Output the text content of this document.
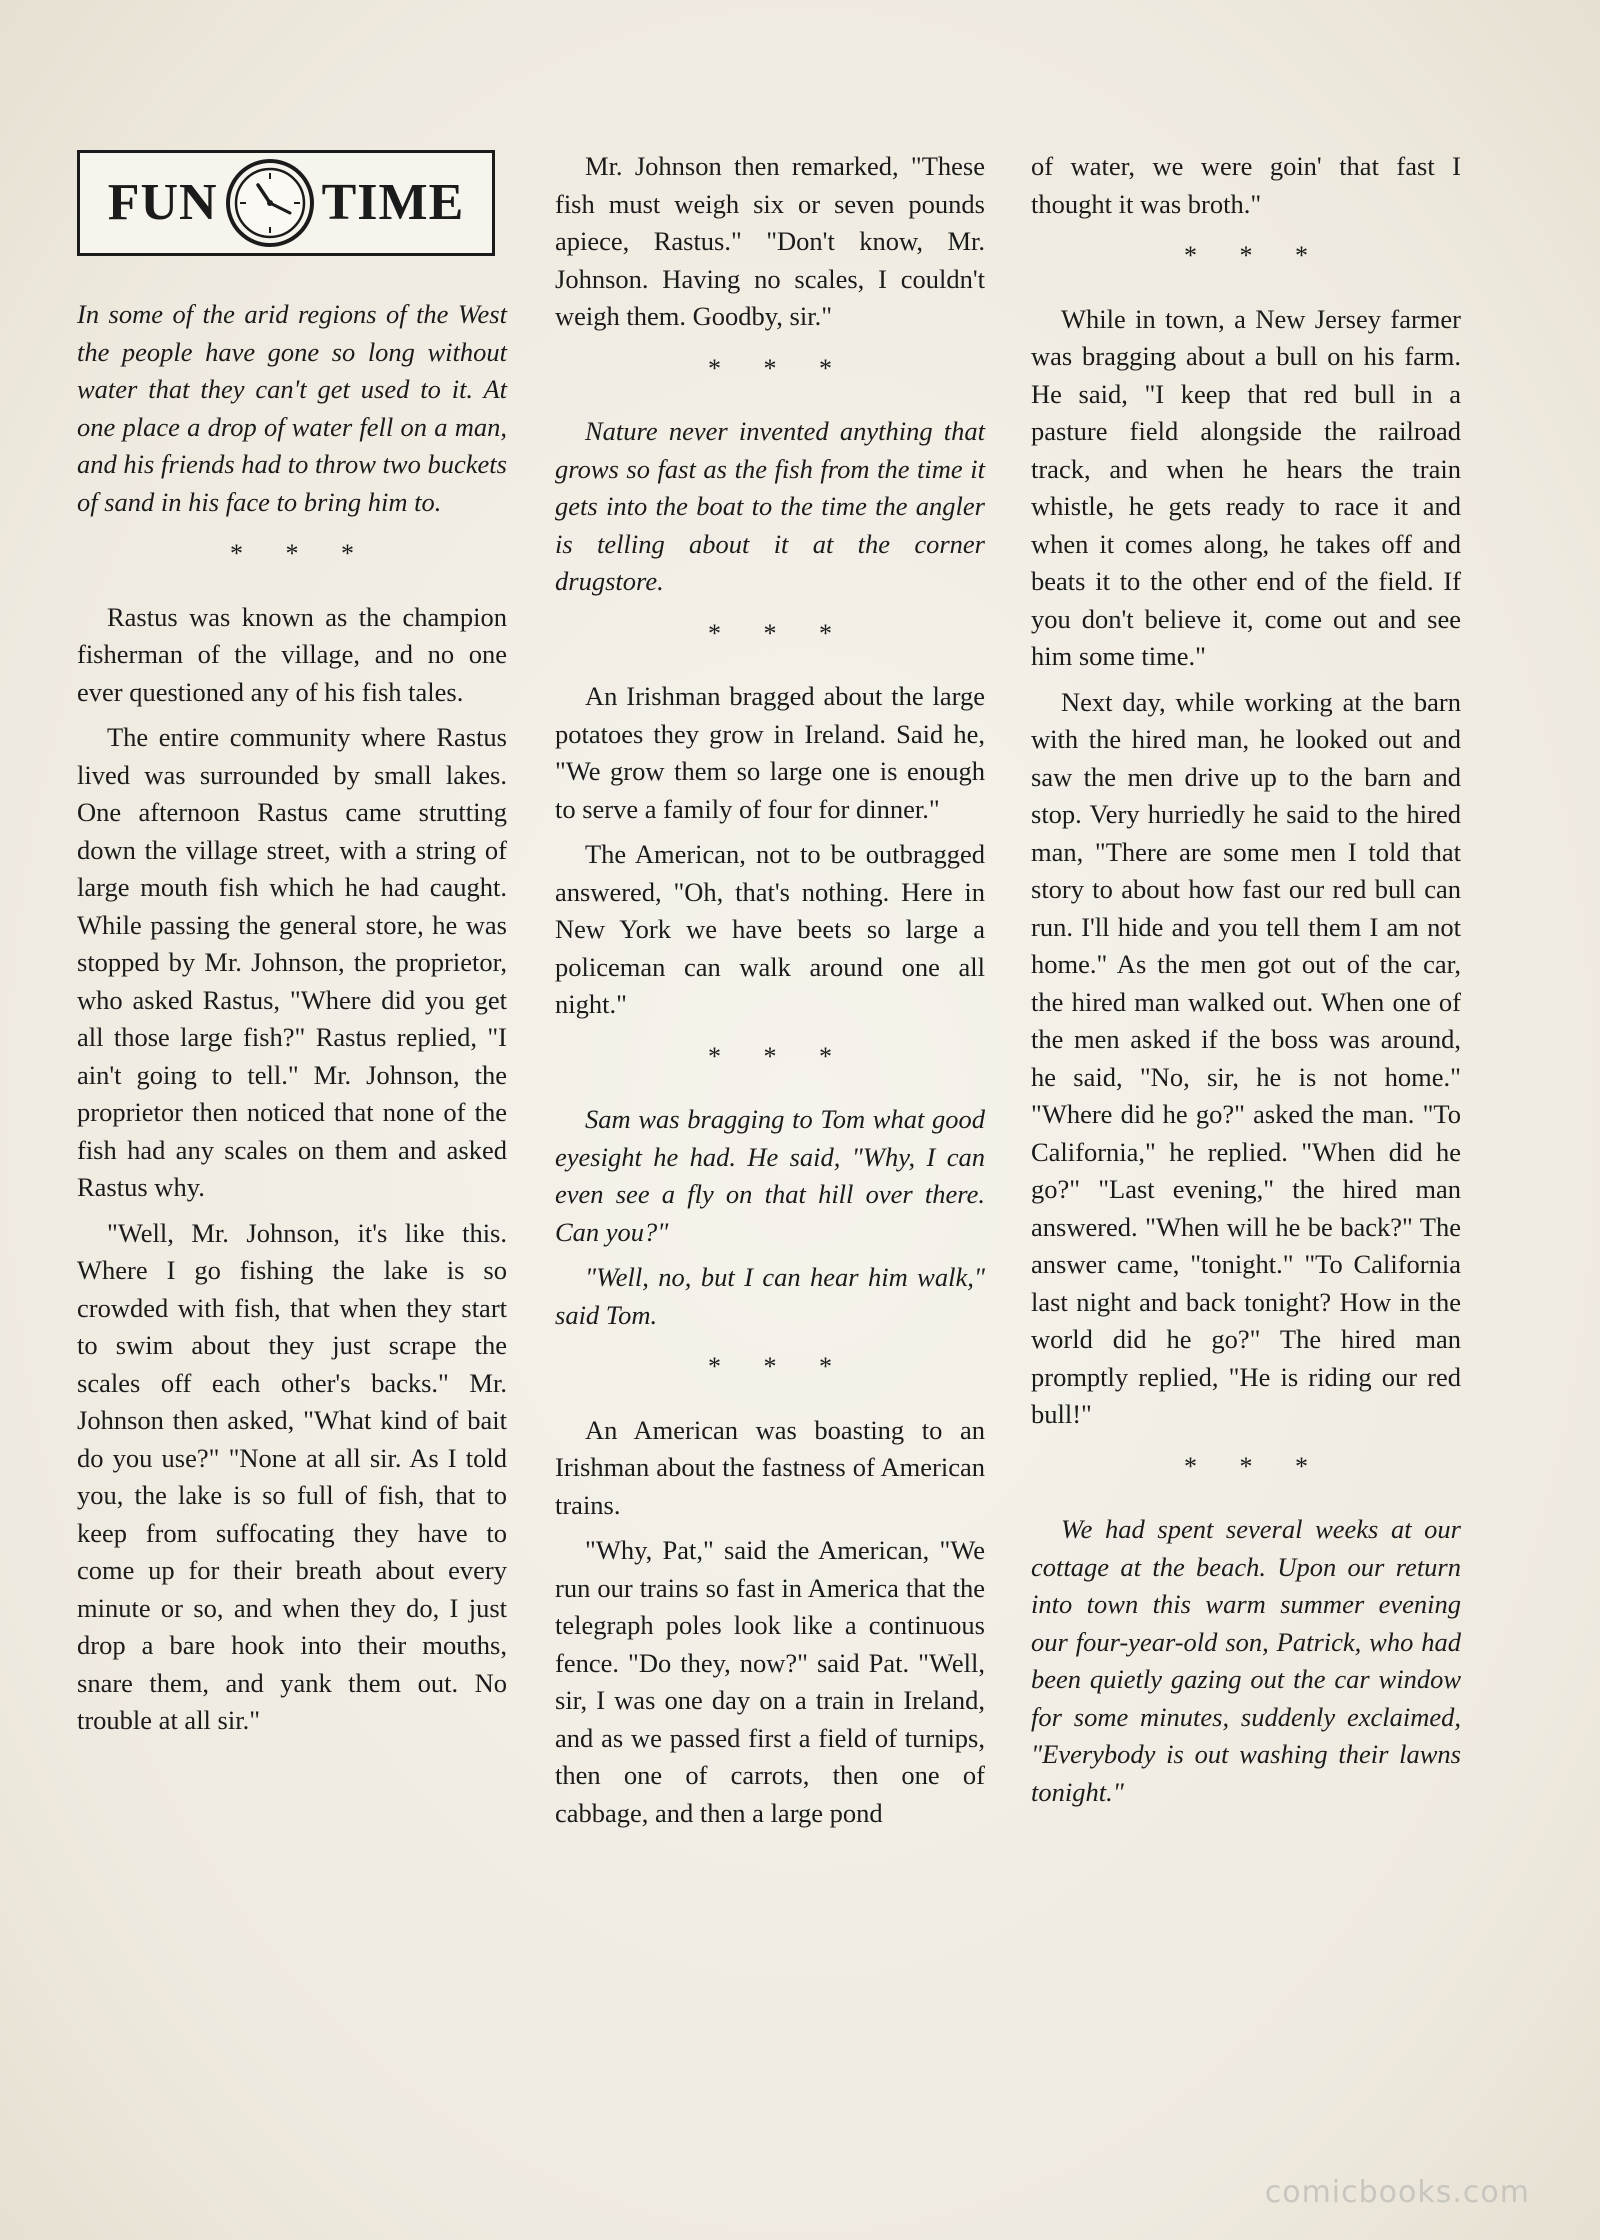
FUN TIME

In some of the arid regions of the West the people have gone so long without water that they can't get used to it. At one place a drop of water fell on a man, and his friends had to throw two buckets of sand in his face to bring him to.

* * *

Rastus was known as the champion fisherman of the village, and no one ever questioned any of his fish tales.

The entire community where Rastus lived was surrounded by small lakes. One afternoon Rastus came strutting down the village street, with a string of large mouth fish which he had caught. While passing the general store, he was stopped by Mr. Johnson, the proprietor, who asked Rastus, "Where did you get all those large fish?" Rastus replied, "I ain't going to tell." Mr. Johnson, the proprietor then noticed that none of the fish had any scales on them and asked Rastus why.

"Well, Mr. Johnson, it's like this. Where I go fishing the lake is so crowded with fish, that when they start to swim about they just scrape the scales off each other's backs." Mr. Johnson then asked, "What kind of bait do you use?" "None at all sir. As I told you, the lake is so full of fish, that to keep from suffocating they have to come up for their breath about every minute or so, and when they do, I just drop a bare hook into their mouths, snare them, and yank them out. No trouble at all sir."

Mr. Johnson then remarked, "These fish must weigh six or seven pounds apiece, Rastus." "Don't know, Mr. Johnson. Having no scales, I couldn't weigh them. Goodby, sir."

* * *

Nature never invented anything that grows so fast as the fish from the time it gets into the boat to the time the angler is telling about it at the corner drugstore.

* * *

An Irishman bragged about the large potatoes they grow in Ireland. Said he, "We grow them so large one is enough to serve a family of four for dinner."

The American, not to be outbragged answered, "Oh, that's nothing. Here in New York we have beets so large a policeman can walk around one all night."

* * *

Sam was bragging to Tom what good eyesight he had. He said, "Why, I can even see a fly on that hill over there. Can you?"

"Well, no, but I can hear him walk," said Tom.

* * *

An American was boasting to an Irishman about the fastness of American trains.

"Why, Pat," said the American, "We run our trains so fast in America that the telegraph poles look like a continuous fence. "Do they, now?" said Pat. "Well, sir, I was one day on a train in Ireland, and as we passed first a field of turnips, then one of carrots, then one of cabbage, and then a large pond

of water, we were goin' that fast I thought it was broth."

* * *

While in town, a New Jersey farmer was bragging about a bull on his farm. He said, "I keep that red bull in a pasture field alongside the railroad track, and when he hears the train whistle, he gets ready to race it and when it comes along, he takes off and beats it to the other end of the field. If you don't believe it, come out and see him some time."

Next day, while working at the barn with the hired man, he looked out and saw the men drive up to the barn and stop. Very hurriedly he said to the hired man, "There are some men I told that story to about how fast our red bull can run. I'll hide and you tell them I am not home." As the men got out of the car, the hired man walked out. When one of the men asked if the boss was around, he said, "No, sir, he is not home." "Where did he go?" asked the man. "To California," he replied. "When did he go?" "Last evening," the hired man answered. "When will he be back?" The answer came, "tonight." "To California last night and back tonight? How in the world did he go?" The hired man promptly replied, "He is riding our red bull!"

* * *

We had spent several weeks at our cottage at the beach. Upon our return into town this warm summer evening our four-year-old son, Patrick, who had been quietly gazing out the car window for some minutes, suddenly exclaimed, "Everybody is out washing their lawns tonight."

comicbooks.com
